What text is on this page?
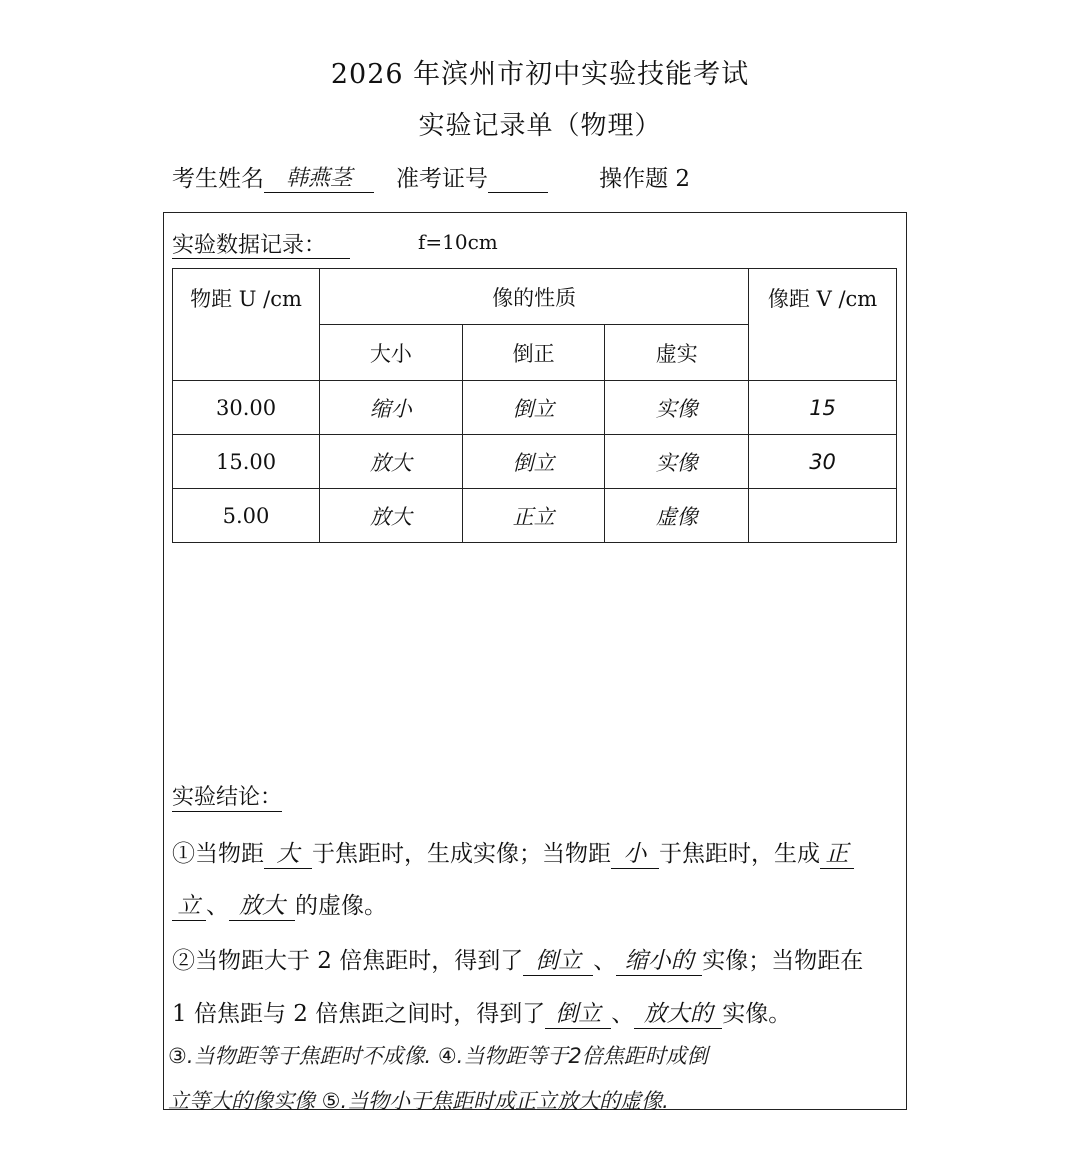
2026 年滨州市初中实验技能考试
实验记录单（物理）
考生姓名 韩燕茎 准考证号	操作题 2
实验数据记录：	f=10cm
物距 U /cm	像的性质			像距 V /cm
	大小	倒正	虚实	
30.00	缩小	倒立	实像	15
15.00	放大	倒立	实像	30
5.00	放大	正立	虚像	
实验结论：
①当物距 大 于焦距时，生成实像；当物距 小 于焦距时，生成 正
立 、 放大 的虚像。
②当物距大于 2 倍焦距时，得到了 倒立 、 缩小的 实像；当物距在
1 倍焦距与 2 倍焦距之间时，得到了 倒立 、 放大的 实像。
③.当物距等于焦距时不成像. ④.当物距等于2倍焦距时成倒
立等大的像实像 ⑤.当物小于焦距时成正立放大的虚像.
